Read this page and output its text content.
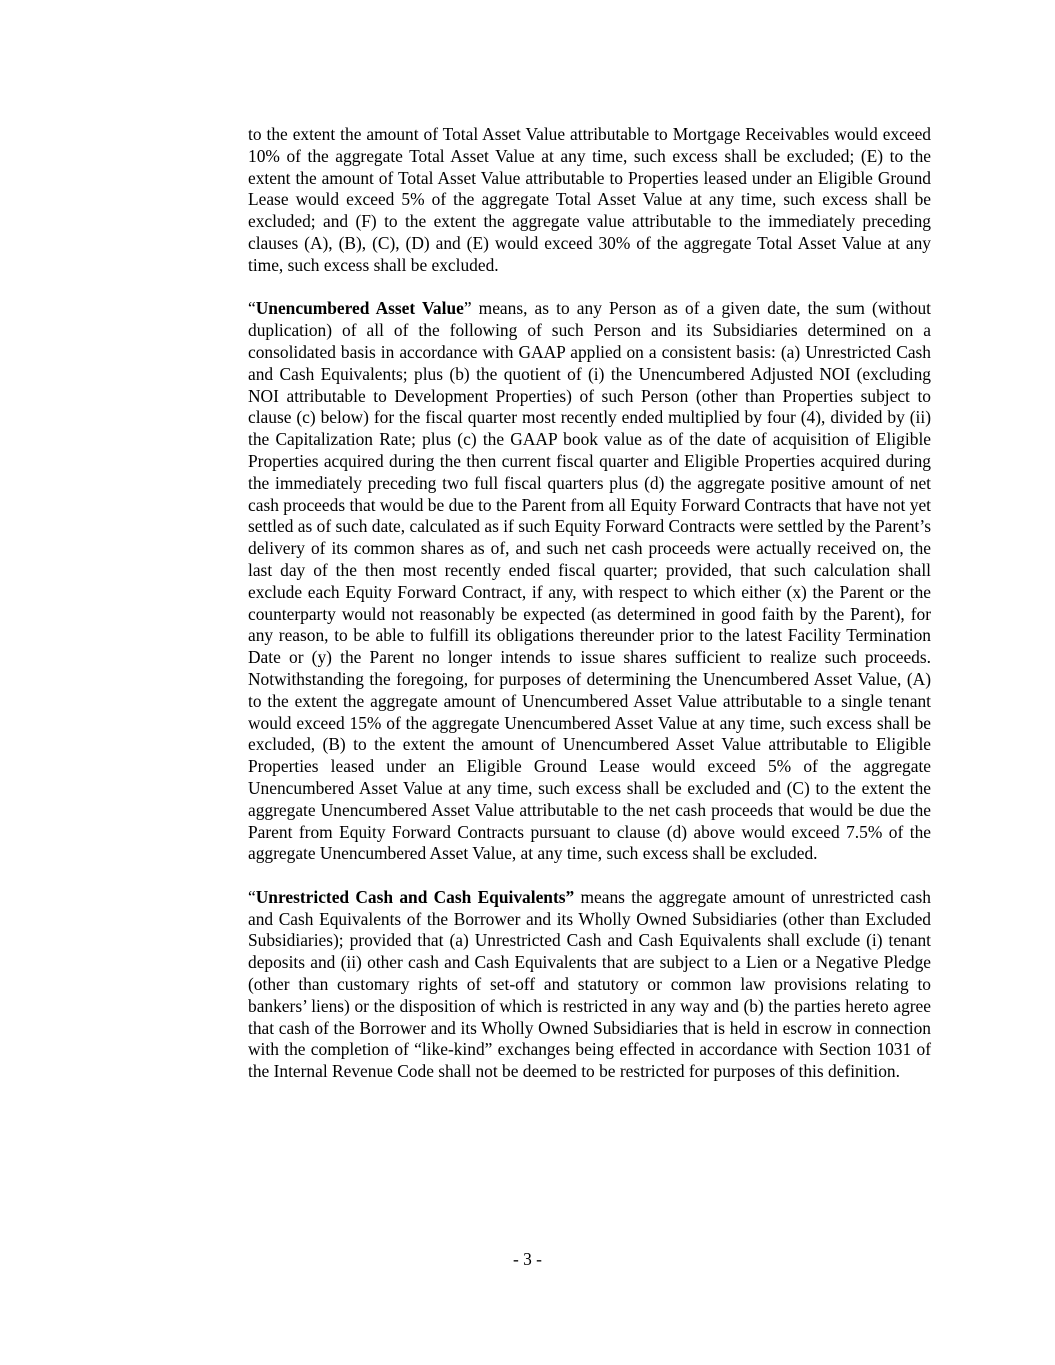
to the extent the amount of Total Asset Value attributable to Mortgage Receivables would exceed 10% of the aggregate Total Asset Value at any time, such excess shall be excluded; (E) to the extent the amount of Total Asset Value attributable to Properties leased under an Eligible Ground Lease would exceed 5% of the aggregate Total Asset Value at any time, such excess shall be excluded; and (F) to the extent the aggregate value attributable to the immediately preceding clauses (A), (B), (C), (D) and (E) would exceed 30% of the aggregate Total Asset Value at any time, such excess shall be excluded.

“Unencumbered Asset Value” means, as to any Person as of a given date, the sum (without duplication) of all of the following of such Person and its Subsidiaries determined on a consolidated basis in accordance with GAAP applied on a consistent basis: (a) Unrestricted Cash and Cash Equivalents; plus (b) the quotient of (i) the Unencumbered Adjusted NOI (excluding NOI attributable to Development Properties) of such Person (other than Properties subject to clause (c) below) for the fiscal quarter most recently ended multiplied by four (4), divided by (ii) the Capitalization Rate; plus (c) the GAAP book value as of the date of acquisition of Eligible Properties acquired during the then current fiscal quarter and Eligible Properties acquired during the immediately preceding two full fiscal quarters plus (d) the aggregate positive amount of net cash proceeds that would be due to the Parent from all Equity Forward Contracts that have not yet settled as of such date, calculated as if such Equity Forward Contracts were settled by the Parent’s delivery of its common shares as of, and such net cash proceeds were actually received on, the last day of the then most recently ended fiscal quarter; provided, that such calculation shall exclude each Equity Forward Contract, if any, with respect to which either (x) the Parent or the counterparty would not reasonably be expected (as determined in good faith by the Parent), for any reason, to be able to fulfill its obligations thereunder prior to the latest Facility Termination Date or (y) the Parent no longer intends to issue shares sufficient to realize such proceeds. Notwithstanding the foregoing, for purposes of determining the Unencumbered Asset Value, (A) to the extent the aggregate amount of Unencumbered Asset Value attributable to a single tenant would exceed 15% of the aggregate Unencumbered Asset Value at any time, such excess shall be excluded, (B) to the extent the amount of Unencumbered Asset Value attributable to Eligible Properties leased under an Eligible Ground Lease would exceed 5% of the aggregate Unencumbered Asset Value at any time, such excess shall be excluded and (C) to the extent the aggregate Unencumbered Asset Value attributable to the net cash proceeds that would be due the Parent from Equity Forward Contracts pursuant to clause (d) above would exceed 7.5% of the aggregate Unencumbered Asset Value, at any time, such excess shall be excluded.

“Unrestricted Cash and Cash Equivalents” means the aggregate amount of unrestricted cash and Cash Equivalents of the Borrower and its Wholly Owned Subsidiaries (other than Excluded Subsidiaries); provided that (a) Unrestricted Cash and Cash Equivalents shall exclude (i) tenant deposits and (ii) other cash and Cash Equivalents that are subject to a Lien or a Negative Pledge (other than customary rights of set-off and statutory or common law provisions relating to bankers’ liens) or the disposition of which is restricted in any way and (b) the parties hereto agree that cash of the Borrower and its Wholly Owned Subsidiaries that is held in escrow in connection with the completion of “like-kind” exchanges being effected in accordance with Section 1031 of the Internal Revenue Code shall not be deemed to be restricted for purposes of this definition.

- 3 -
